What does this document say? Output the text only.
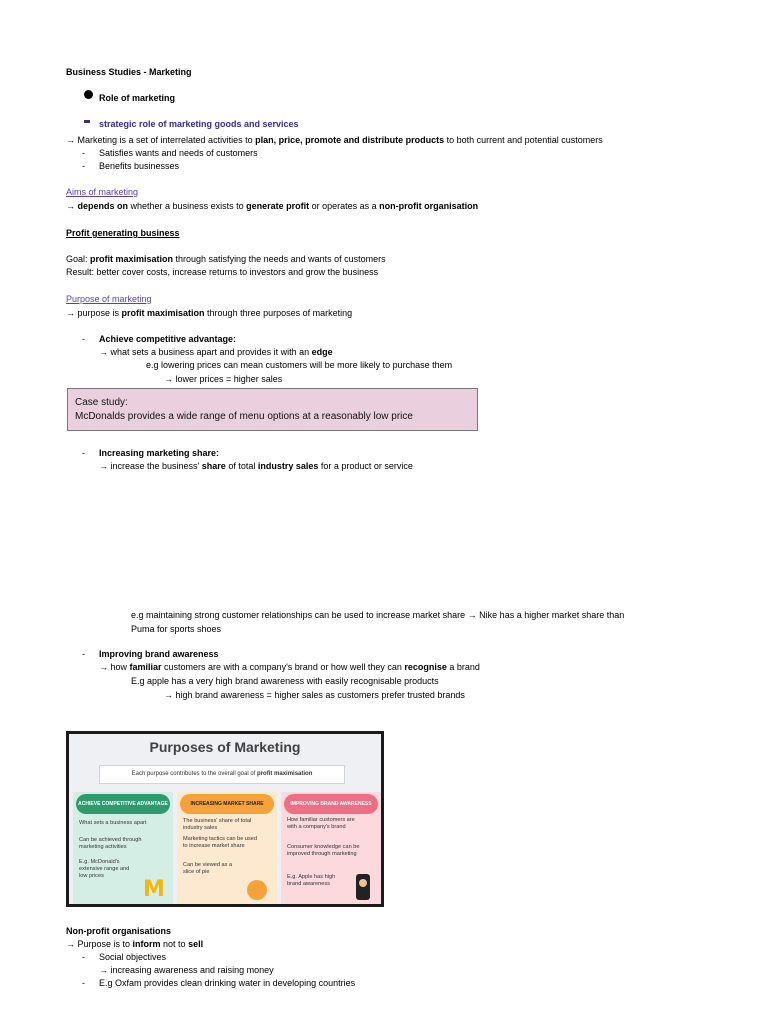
Business Studies - Marketing
Role of marketing
strategic role of marketing goods and services
→ Marketing is a set of interrelated activities to plan, price, promote and distribute products to both current and potential customers
- Satisfies wants and needs of customers
- Benefits businesses
Aims of marketing
→ depends on whether a business exists to generate profit or operates as a non-profit organisation
Profit generating business
Goal: profit maximisation through satisfying the needs and wants of customers
Result: better cover costs, increase returns to investors and grow the business
Purpose of marketing
→ purpose is profit maximisation through three purposes of marketing
- Achieve competitive advantage:
→ what sets a business apart and provides it with an edge
e.g lowering prices can mean customers will be more likely to purchase them
→ lower prices = higher sales
Case study:
McDonalds provides a wide range of menu options at a reasonably low price
- Increasing marketing share:
→ increase the business' share of total industry sales for a product or service
e.g maintaining strong customer relationships can be used to increase market share → Nike has a higher market share than
Puma for sports shoes
- Improving brand awareness
→ how familiar customers are with a company's brand or how well they can recognise a brand
E.g apple has a very high brand awareness with easily recognisable products
→ high brand awareness = higher sales as customers prefer trusted brands
Purposes of Marketing
Each purpose contributes to the overall goal of profit maximisation
ACHIEVE COMPETITIVE ADVANTAGE
What sets a business apart
Can be achieved through marketing activities
E.g. McDonald's extensive range and low prices
M
INCREASING MARKET SHARE
The business' share of total industry sales
Marketing tactics can be used to increase market share
Can be viewed as a slice of pie
IMPROVING BRAND AWARENESS
How familiar customers are with a company's brand
Consumer knowledge can be improved through marketing
E.g. Apple has high brand awareness
Non-profit organisations
→ Purpose is to inform not to sell
- Social objectives
→ increasing awareness and raising money
- E.g Oxfam provides clean drinking water in developing countries
